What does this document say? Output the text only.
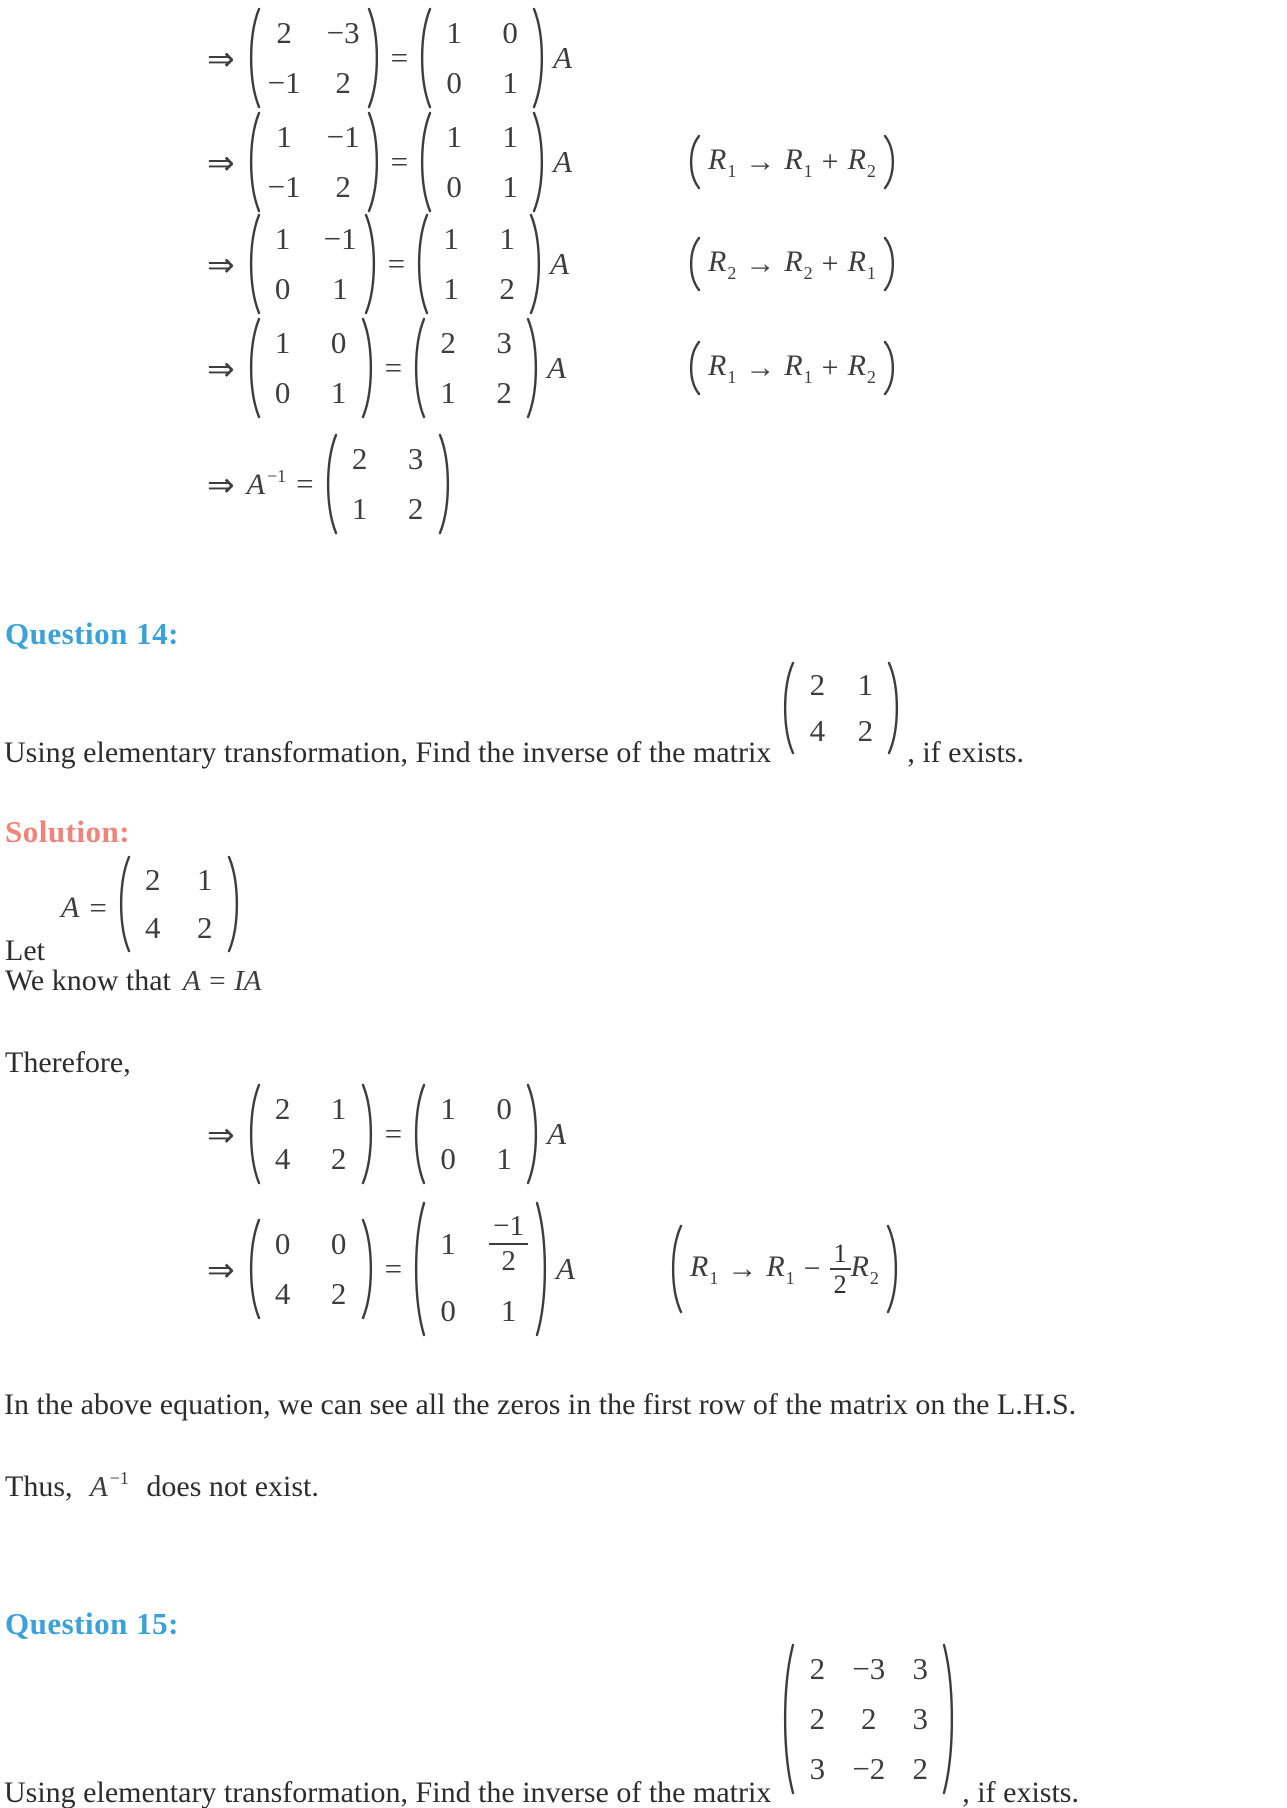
⇒
2 −3
−1 2
=
1 0
0 1
A
⇒
1 −1
−1 2
=
1 1
0 1
A	$R_1 \to R_1 + R_2$
⇒
1 −1
0 1
=
1 1
1 2
A	$R_2 \to R_2 + R_1$
⇒
1 0
0 1
=
2 3
1 2
A	$R_1 \to R_1 + R_2$
⇒ A $^{-1}$ =
2 3
1 2
Question 14:
Using elementary transformation, Find the inverse of the matrix
2 1
4 2
, if exists.
Solution:
Let
A =
2 1
4 2
We know that A = IA
Therefore,
⇒
2 1
4 2
=
1 0
0 1
A
⇒
0 0
4 2
=
$1 \frac{-1}{2}$
0 1
A	$R_1 \to R_1 - \frac{1}{2} R_2$
In the above equation, we can see all the zeros in the first row of the matrix on the L.H.S.
Thus, A $^{-1}$ does not exist.
Question 15:
Using elementary transformation, Find the inverse of the matrix
2 −3 3
2 2 3
3 −2 2
, if exists.
